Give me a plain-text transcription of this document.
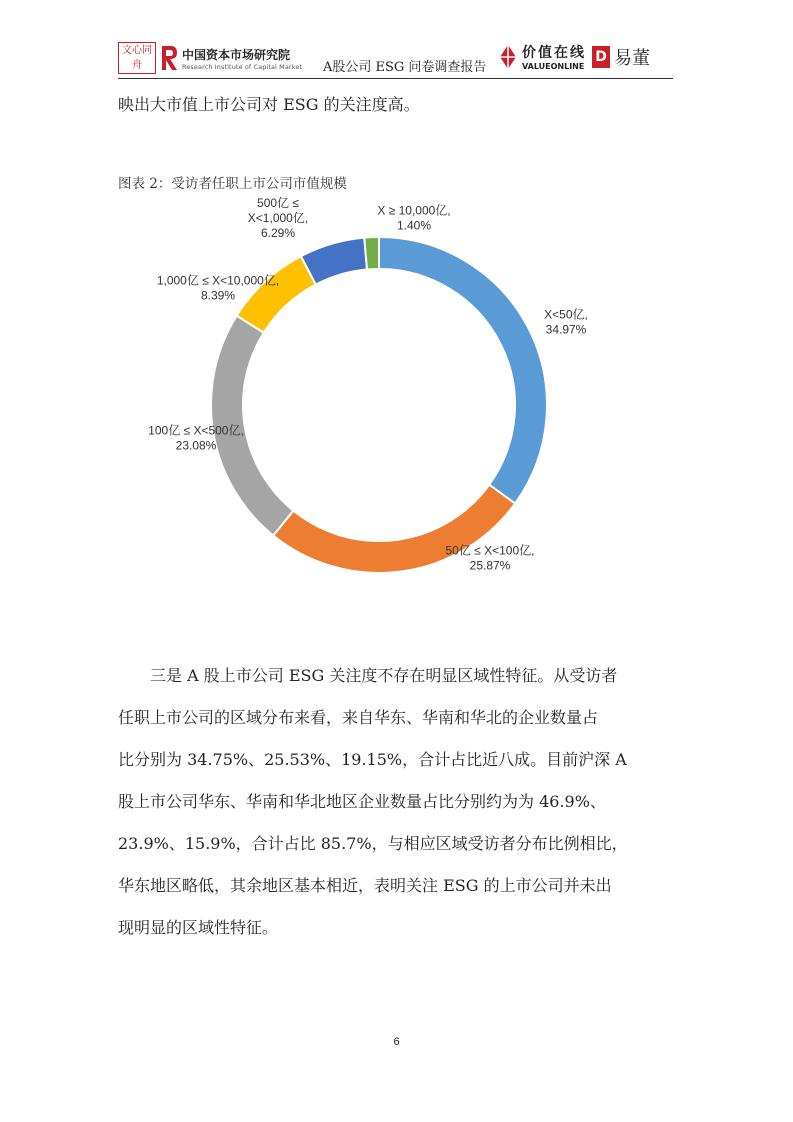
文 心 同
舟
中国资本市场研究院
Research Institute of Capital Market A股公司 ESG 问卷调查报告
价值在线
VALUEONLINE
D 易董
映出大市值上市公司对 ESG 的关注度高。
图表 2：受访者任职上市公司市值规模
X<50亿, 34.97%
50亿 ≤ X<100亿, 25.87%
100亿 ≤ X<500亿, 23.08%
1,000亿 ≤ X<10,000亿, 8.39%
500亿 ≤ X<1,000亿, 6.29%
X ≥ 10,000亿, 1.40%
　　三是 A 股上市公司 ESG 关注度不存在明显区域性特征。从受访者
任职上市公司的区域分布来看，来自华东、华南和华北的企业数量占
比分别为 34.75%、25.53%、19.15%，合计占比近八成。目前沪深 A
股上市公司华东、华南和华北地区企业数量占比分别约为为 46.9%、
23.9%、15.9%，合计占比 85.7%，与相应区域受访者分布比例相比，
华东地区略低，其余地区基本相近，表明关注 ESG 的上市公司并未出
现明显的区域性特征。
6
